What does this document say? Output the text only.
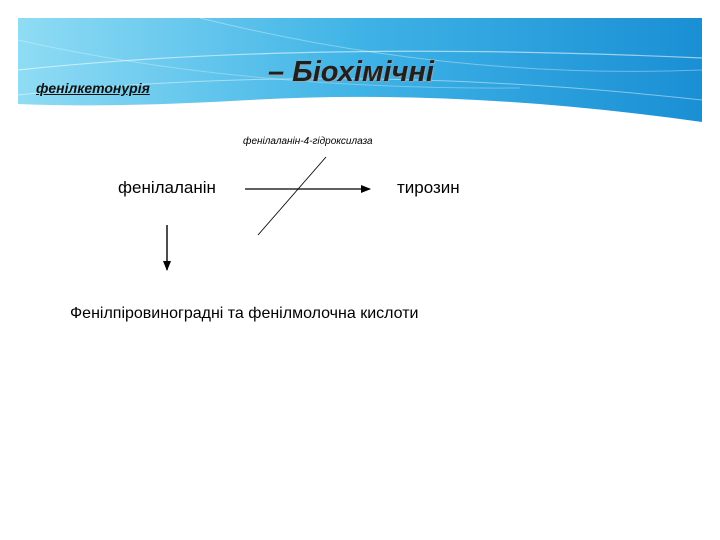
фенілкетонурія	– Біохімічні
фенілаланін-4-гідроксилаза
фенілаланін	тирозин
Фенілпіровиноградні та фенілмолочна кислоти
